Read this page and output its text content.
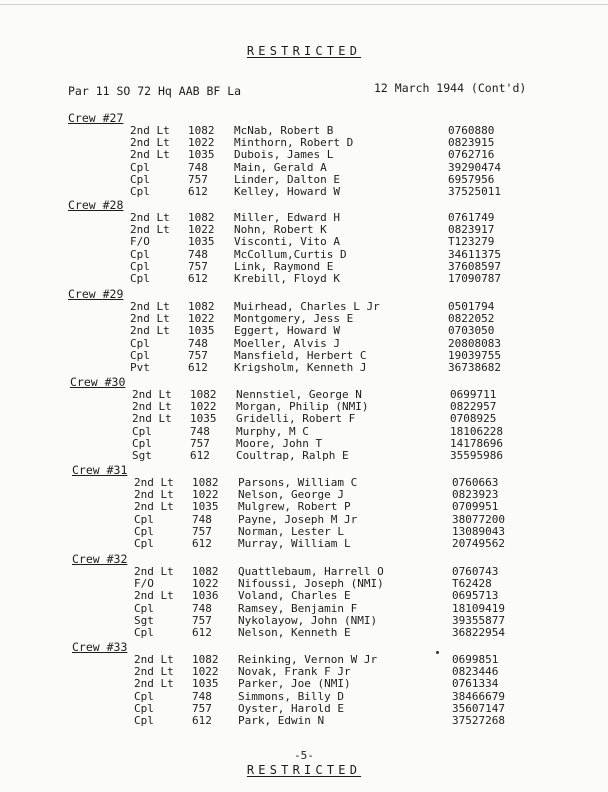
RESTRICTED
Par 11 SO 72 Hq AAB BF La	12 March 1944 (Cont'd)
Crew #27
2nd Lt 1082 McNab, Robert B	0760880
2nd Lt 1022 Minthorn, Robert D	0823915
2nd Lt 1035 Dubois, James L	0762716
Cpl	748 Main, Gerald A	39290474
Cpl	757 Linder, Dalton E	6957956
Cpl	612 Kelley, Howard W	37525011
Crew #28
2nd Lt 1082 Miller, Edward H	0761749
2nd Lt 1022 Nohn, Robert K	0823917
F/O	1035 Visconti, Vito A	T123279
Cpl	748 McCollum,Curtis D	34611375
Cpl	757 Link, Raymond E	37608597
Cpl	612 Krebill, Floyd K	17090787
Crew #29
2nd Lt 1082 Muirhead, Charles L Jr	0501794
2nd Lt 1022 Montgomery, Jess E	0822052
2nd Lt 1035 Eggert, Howard W	0703050
Cpl	748 Moeller, Alvis J	20808083
Cpl	757 Mansfield, Herbert C	19039755
Pvt	612 Krigsholm, Kenneth J	36738682
Crew #30
2nd Lt 1082 Nennstiel, George N	0699711
2nd Lt 1022 Morgan, Philip (NMI)	0822957
2nd Lt 1035 Gridelli, Robert F	0708925
Cpl	748 Murphy, M C	18106228
Cpl	757 Moore, John T	14178696
Sgt	612 Coultrap, Ralph E	35595986
Crew #31
2nd Lt 1082 Parsons, William C	0760663
2nd Lt 1022 Nelson, George J	0823923
2nd Lt 1035 Mulgrew, Robert P	0709951
Cpl	748 Payne, Joseph M Jr	38077200
Cpl	757 Norman, Lester L	13089043
Cpl	612 Murray, William L	20749562
Crew #32
2nd Lt 1082 Quattlebaum, Harrell O	0760743
F/O	1022 Nifoussi, Joseph (NMI)	T62428
2nd Lt 1036 Voland, Charles E	0695713
Cpl	748 Ramsey, Benjamin F	18109419
Sgt	757 Nykolayow, John (NMI)	39355877
Cpl	612 Nelson, Kenneth E	36822954
Crew #33
2nd Lt 1082 Reinking, Vernon W Jr	0699851
2nd Lt 1022 Novak, Frank F Jr	0823446
2nd Lt 1035 Parker, Joe (NMI)	0761334
Cpl	748 Simmons, Billy D	38466679
Cpl	757 Oyster, Harold E	35607147
Cpl	612 Park, Edwin N	37527268
-5-
RESTRICTED
